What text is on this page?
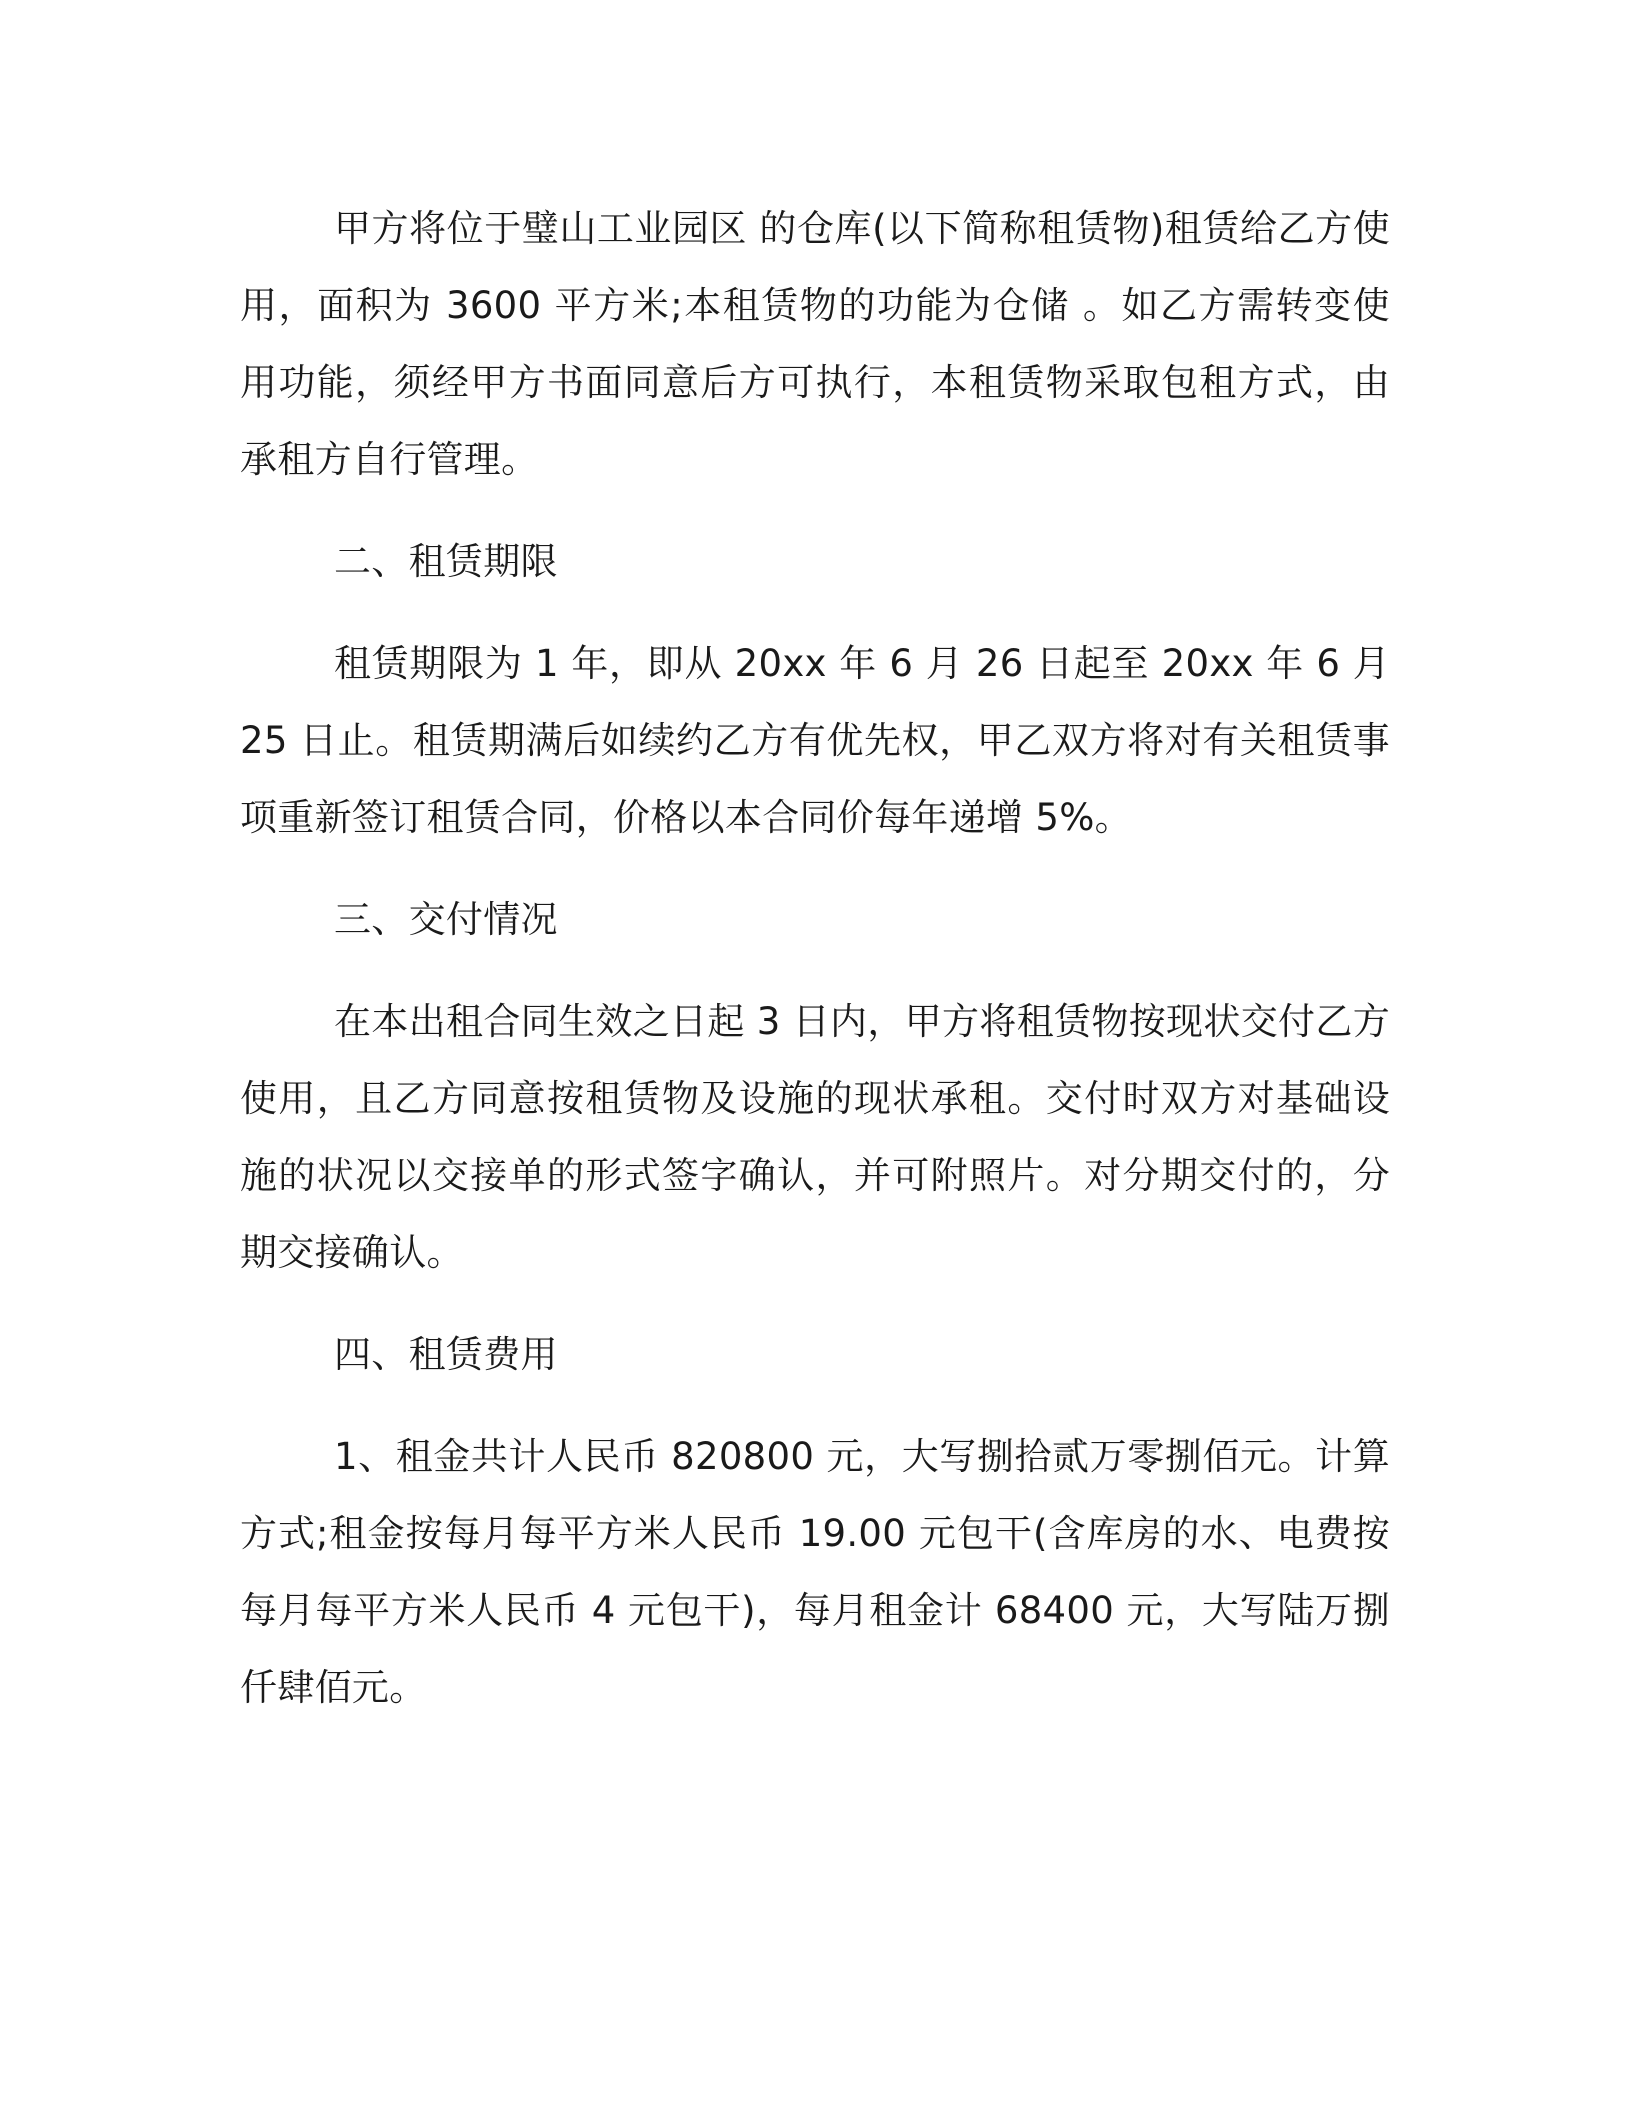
甲方将位于璧山工业园区 的仓库(以下简称租赁物)租赁给乙方使用，面积为 3600 平方米;本租赁物的功能为仓储 。如乙方需转变使用功能，须经甲方书面同意后方可执行，本租赁物采取包租方式，由承租方自行管理。

二、租赁期限

租赁期限为 1 年，即从 20xx 年 6 月 26 日起至 20xx 年 6 月 25 日止。租赁期满后如续约乙方有优先权，甲乙双方将对有关租赁事项重新签订租赁合同，价格以本合同价每年递增 5%。

三、交付情况

在本出租合同生效之日起 3 日内，甲方将租赁物按现状交付乙方使用，且乙方同意按租赁物及设施的现状承租。交付时双方对基础设施的状况以交接单的形式签字确认，并可附照片。对分期交付的，分期交接确认。

四、租赁费用

1、租金共计人民币 820800 元，大写捌拾贰万零捌佰元。计算方式;租金按每月每平方米人民币 19.00 元包干(含库房的水、电费按每月每平方米人民币 4 元包干)，每月租金计 68400 元，大写陆万捌仟肆佰元。
